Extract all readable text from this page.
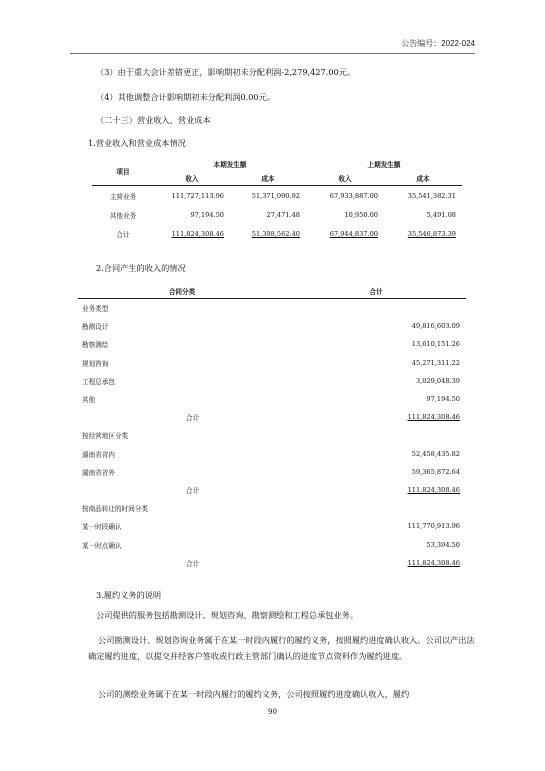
公告编号：2022-024
（3）由于重大会计差错更正，影响期初未分配利润-2,279,427.00元。
（4）其他调整合计影响期初未分配利润0.00元。
（二十三）营业收入、营业成本
1.营业收入和营业成本情况
项目	本期发生额		上期发生额	
	收入	成本	收入	成本
主营业务	111,727,113.96	51,371,090.92	67,933,887.00	35,541,382.31
其他业务	97,194.50	27,471.48	10,950.00	5,491.08
合计	111,824,308.46	51,398,562.40	67,944,837.00	35,546,873.39
2.合同产生的收入的情况
合同分类		合计
业务类型		
勘测设计		49,816,603.09
勘察测绘		13,610,151.26
规划咨询		45,271,311.22
工程总承包		3,029,048.39
其他		97,194.50
	合计	111,824,308.46
按经营地区分类		
湖南省省内		52,458,435.82
湖南省省外		59,365,872.64
	合计	111,824,308.46
按商品转让的时间分类		
某一时段确认		111,770,913.96
某一时点确认		53,394.50
	合计	111,824,308.46
3.履约义务的说明
公司提供的服务包括勘测设计、规划咨询、勘察测绘和工程总承包业务。
公司勘测设计、规划咨询业务属于在某一时段内履行的履约义务，按照履约进度确认收入。公司以产出法确定履约进度，以提交并经客户签收或行政主管部门确认的进度节点资料作为履约进度。
公司的测绘业务属于在某一时段内履行的履约义务，公司按照履约进度确认收入，履约
90
